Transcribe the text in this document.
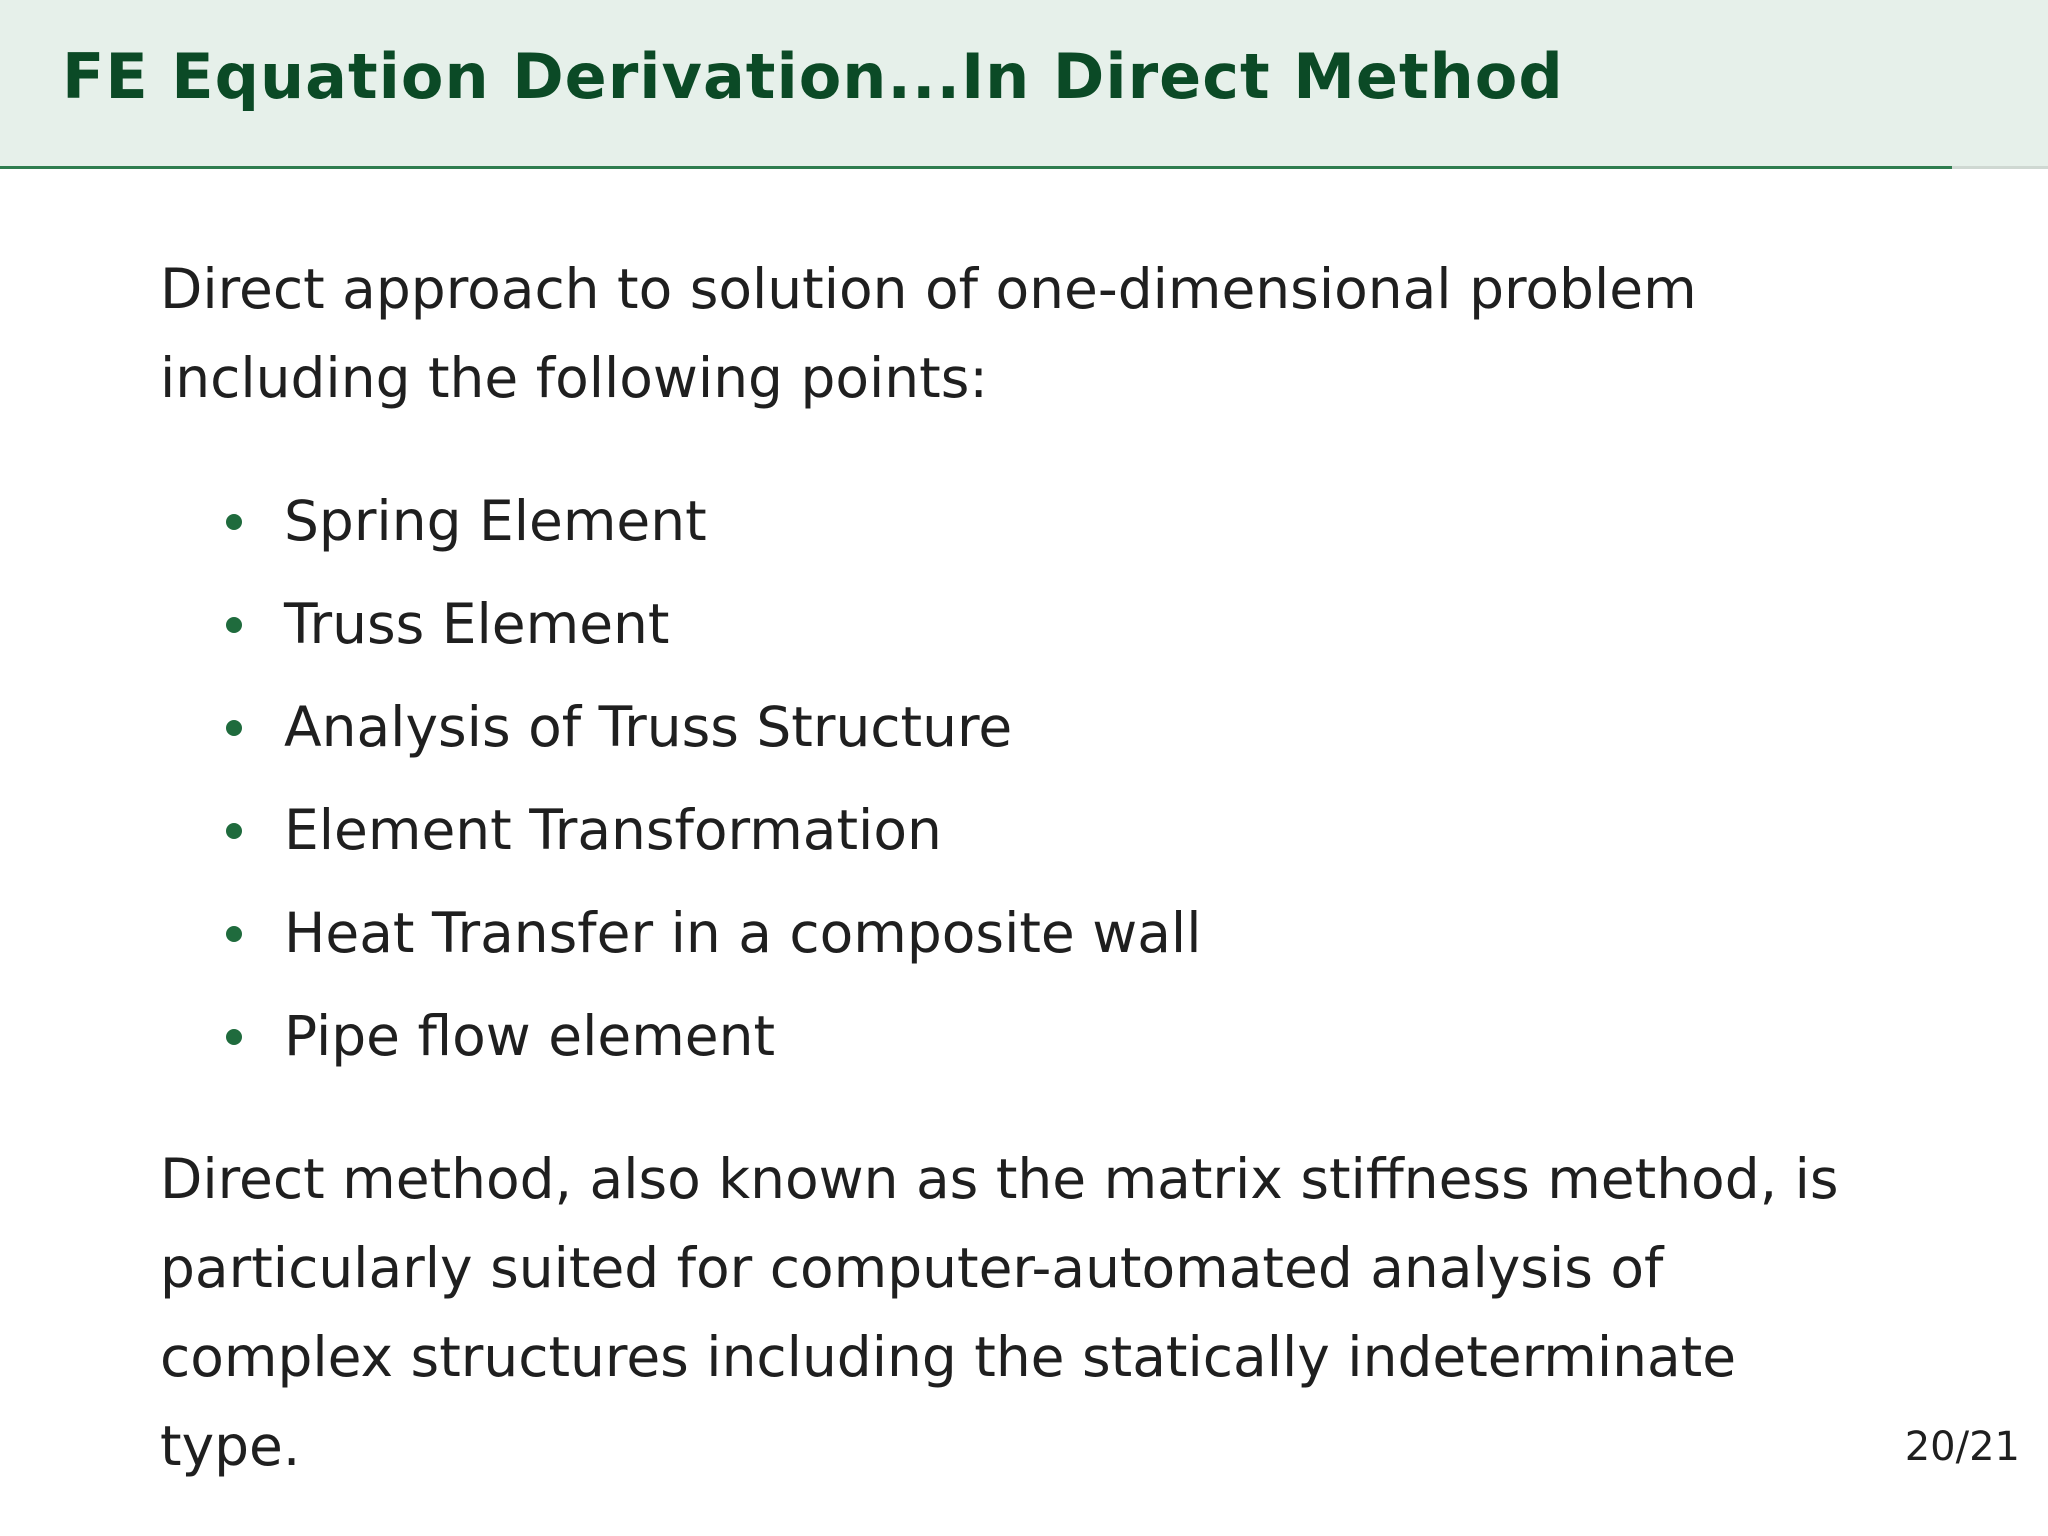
FE Equation Derivation...In Direct Method

Direct approach to solution of one-dimensional problem including the following points:

Spring Element
Truss Element
Analysis of Truss Structure
Element Transformation
Heat Transfer in a composite wall
Pipe flow element

Direct method, also known as the matrix stiffness method, is particularly suited for computer-automated analysis of complex structures including the statically indeterminate type.	20/21
